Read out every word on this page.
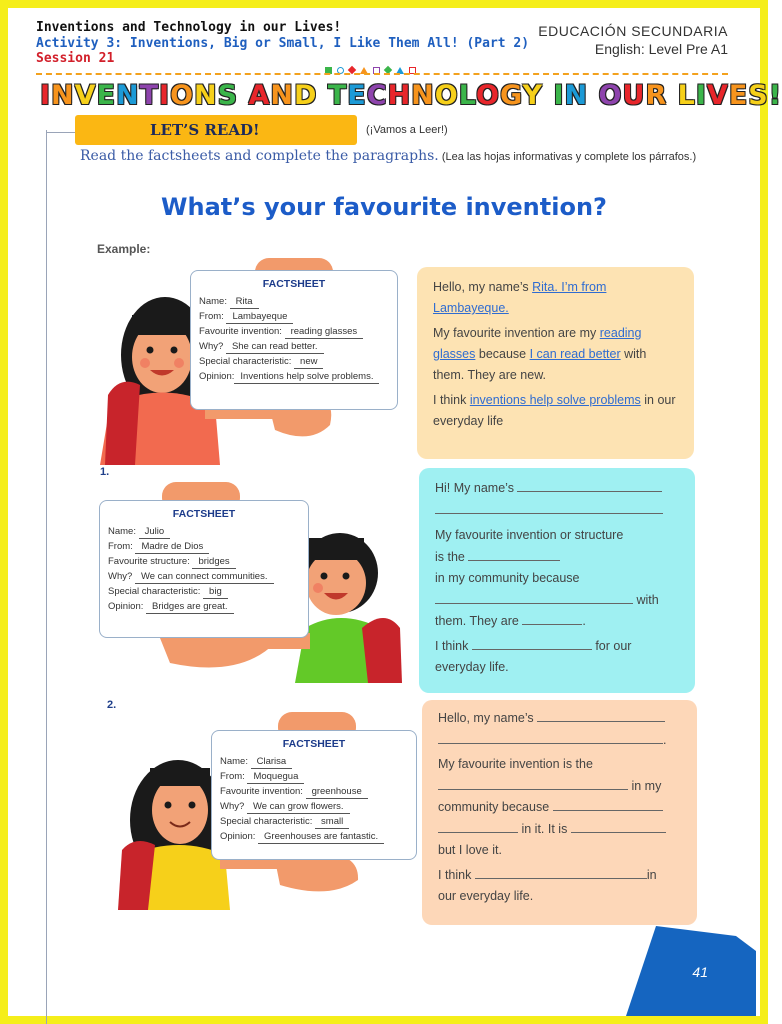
Inventions and Technology in our Lives!
Activity 3: Inventions, Big or Small, I Like Them All! (Part 2)
Session 21
EDUCACIÓN SECUNDARIA
English: Level Pre A1
INVENTIONS AND TECHNOLOGY IN OUR LIVES!
LET’S READ!	(¡Vamos a Leer!)
Read the factsheets and complete the paragraphs. (Lea las hojas informativas y complete los párrafos.)
What’s your favourite invention?
Example:
FACTSHEET
Name: Rita
From: Lambayeque
Favourite invention: reading glasses
Why? She can read better.
Special characteristic: new
Opinion: Inventions help solve problems.

Hello, my name’s Rita. I’m from Lambayeque.

My favourite invention are my reading glasses because I can read better with them. They are new.

I think inventions help solve problems in our everyday life

1.
FACTSHEET
Name: Julio
From: Madre de Dios
Favourite structure: bridges
Why? We can connect communities.
Special characteristic: big
Opinion: Bridges are great.
Hi! My name’s
My favourite invention or structure
is the
in my community because
with
them. They are	.
I think	for our
everyday life.
2.
FACTSHEET
Name: Clarisa
From: Moquegua
Favourite invention: greenhouse
Why? We can grow flowers.
Special characteristic: small
Opinion: Greenhouses are fantastic.
Hello, my name’s
.
My favourite invention is the
in my
community because
in it. It is
but I love it.
I think	in
our everyday life.
41
